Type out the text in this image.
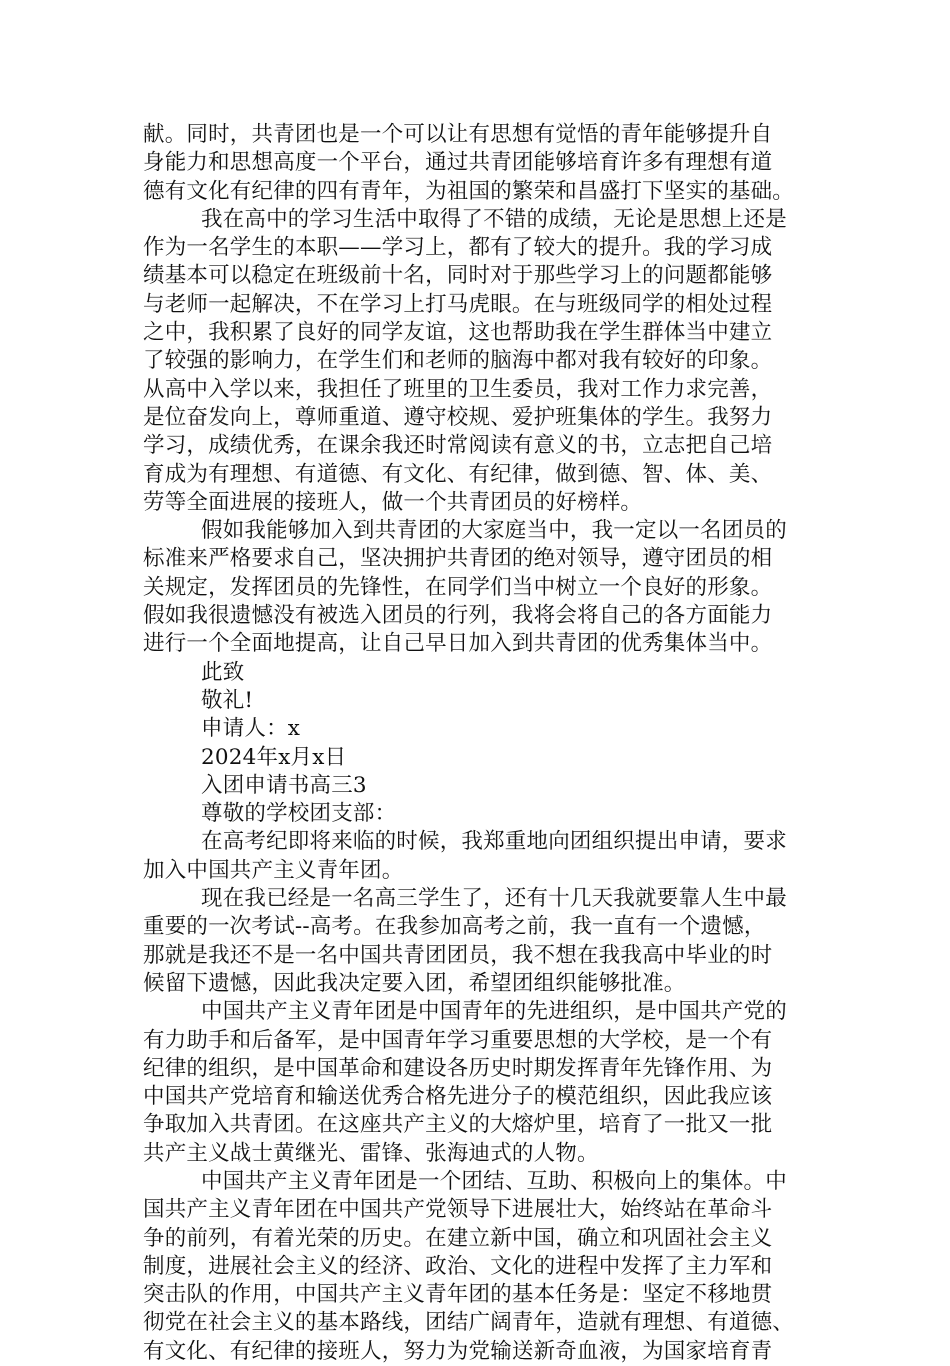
献。同时，共青团也是一个可以让有思想有觉悟的青年能够提升自
身能力和思想高度一个平台，通过共青团能够培育许多有理想有道
德有文化有纪律的四有青年，为祖国的繁荣和昌盛打下坚实的基础。
我在高中的学习生活中取得了不错的成绩，无论是思想上还是
作为一名学生的本职——学习上，都有了较大的提升。我的学习成
绩基本可以稳定在班级前十名，同时对于那些学习上的问题都能够
与老师一起解决，不在学习上打马虎眼。在与班级同学的相处过程
之中，我积累了良好的同学友谊，这也帮助我在学生群体当中建立
了较强的影响力，在学生们和老师的脑海中都对我有较好的印象。
从高中入学以来，我担任了班里的卫生委员，我对工作力求完善，
是位奋发向上，尊师重道、遵守校规、爱护班集体的学生。我努力
学习，成绩优秀，在课余我还时常阅读有意义的书，立志把自己培
育成为有理想、有道德、有文化、有纪律，做到德、智、体、美、
劳等全面进展的接班人，做一个共青团员的好榜样。
假如我能够加入到共青团的大家庭当中，我一定以一名团员的
标准来严格要求自己，坚决拥护共青团的绝对领导，遵守团员的相
关规定，发挥团员的先锋性，在同学们当中树立一个良好的形象。
假如我很遗憾没有被选入团员的行列，我将会将自己的各方面能力
进行一个全面地提高，让自己早日加入到共青团的优秀集体当中。
此致
敬礼!
申请人：x
2024年x月x日
入团申请书高三3
尊敬的学校团支部：
在高考纪即将来临的时候，我郑重地向团组织提出申请，要求
加入中国共产主义青年团。
现在我已经是一名高三学生了，还有十几天我就要靠人生中最
重要的一次考试--高考。在我参加高考之前，我一直有一个遗憾，
那就是我还不是一名中国共青团团员，我不想在我我高中毕业的时
候留下遗憾，因此我决定要入团，希望团组织能够批准。
中国共产主义青年团是中国青年的先进组织，是中国共产党的
有力助手和后备军，是中国青年学习重要思想的大学校，是一个有
纪律的组织，是中国革命和建设各历史时期发挥青年先锋作用、为
中国共产党培育和输送优秀合格先进分子的模范组织，因此我应该
争取加入共青团。在这座共产主义的大熔炉里，培育了一批又一批
共产主义战士黄继光、雷锋、张海迪式的人物。
中国共产主义青年团是一个团结、互助、积极向上的集体。中
国共产主义青年团在中国共产党领导下进展壮大，始终站在革命斗
争的前列，有着光荣的历史。在建立新中国，确立和巩固社会主义
制度，进展社会主义的经济、政治、文化的进程中发挥了主力军和
突击队的作用，中国共产主义青年团的基本任务是：坚定不移地贯
彻党在社会主义的基本路线，团结广阔青年，造就有理想、有道德、
有文化、有纪律的接班人，努力为党输送新奇血液，为国家培育青
